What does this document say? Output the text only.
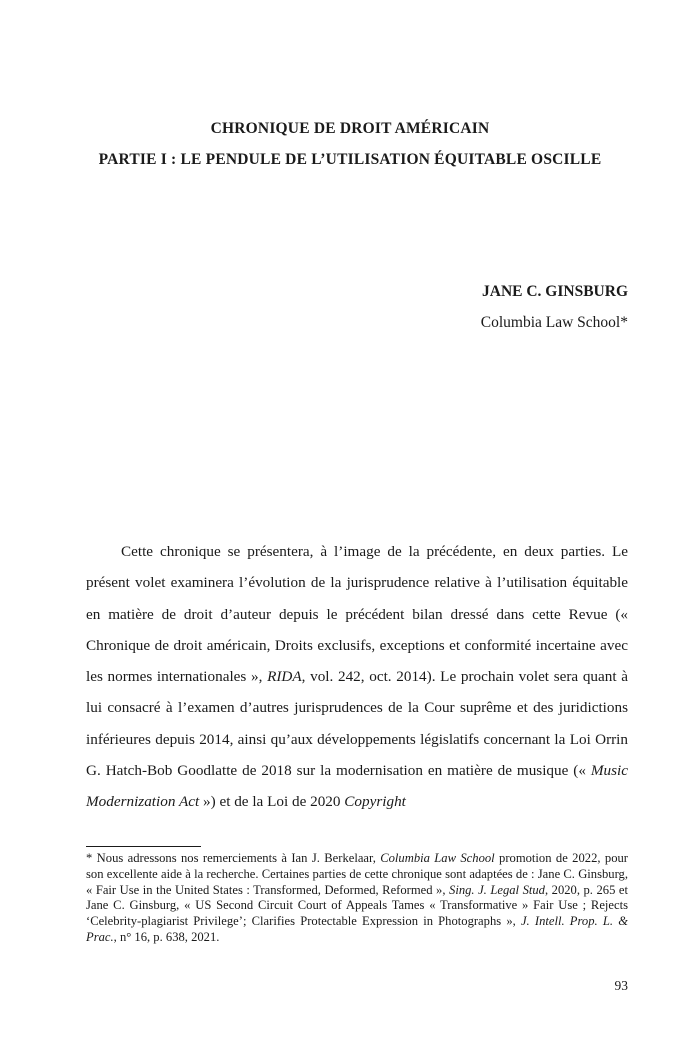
CHRONIQUE DE DROIT AMÉRICAIN
PARTIE I : LE PENDULE DE L’UTILISATION ÉQUITABLE OSCILLE
JANE C. GINSBURG
Columbia Law School*

Cette chronique se présentera, à l’image de la précédente, en deux parties. Le présent volet examinera l’évolution de la jurisprudence relative à l’utilisation équitable en matière de droit d’auteur depuis le précédent bilan dressé dans cette Revue (« Chronique de droit américain, Droits exclusifs, exceptions et conformité incertaine avec les normes internationales », RIDA, vol. 242, oct. 2014). Le prochain volet sera quant à lui consacré à l’examen d’autres jurisprudences de la Cour suprême et des juridictions inférieures depuis 2014, ainsi qu’aux développements législatifs concernant la Loi Orrin G. Hatch-Bob Goodlatte de 2018 sur la modernisation en matière de musique (« Music Modernization Act ») et de la Loi de 2020 Copyright

* Nous adressons nos remerciements à Ian J. Berkelaar, Columbia Law School promotion de 2022, pour son excellente aide à la recherche. Certaines parties de cette chronique sont adaptées de : Jane C. Ginsburg, « Fair Use in the United States : Transformed, Deformed, Reformed », Sing. J. Legal Stud, 2020, p. 265 et Jane C. Ginsburg, « US Second Circuit Court of Appeals Tames « Transformative » Fair Use ; Rejects ‘Celebrity-plagiarist Privilege’; Clarifies Protectable Expression in Photographs », J. Intell. Prop. L. & Prac., n° 16, p. 638, 2021.

93
